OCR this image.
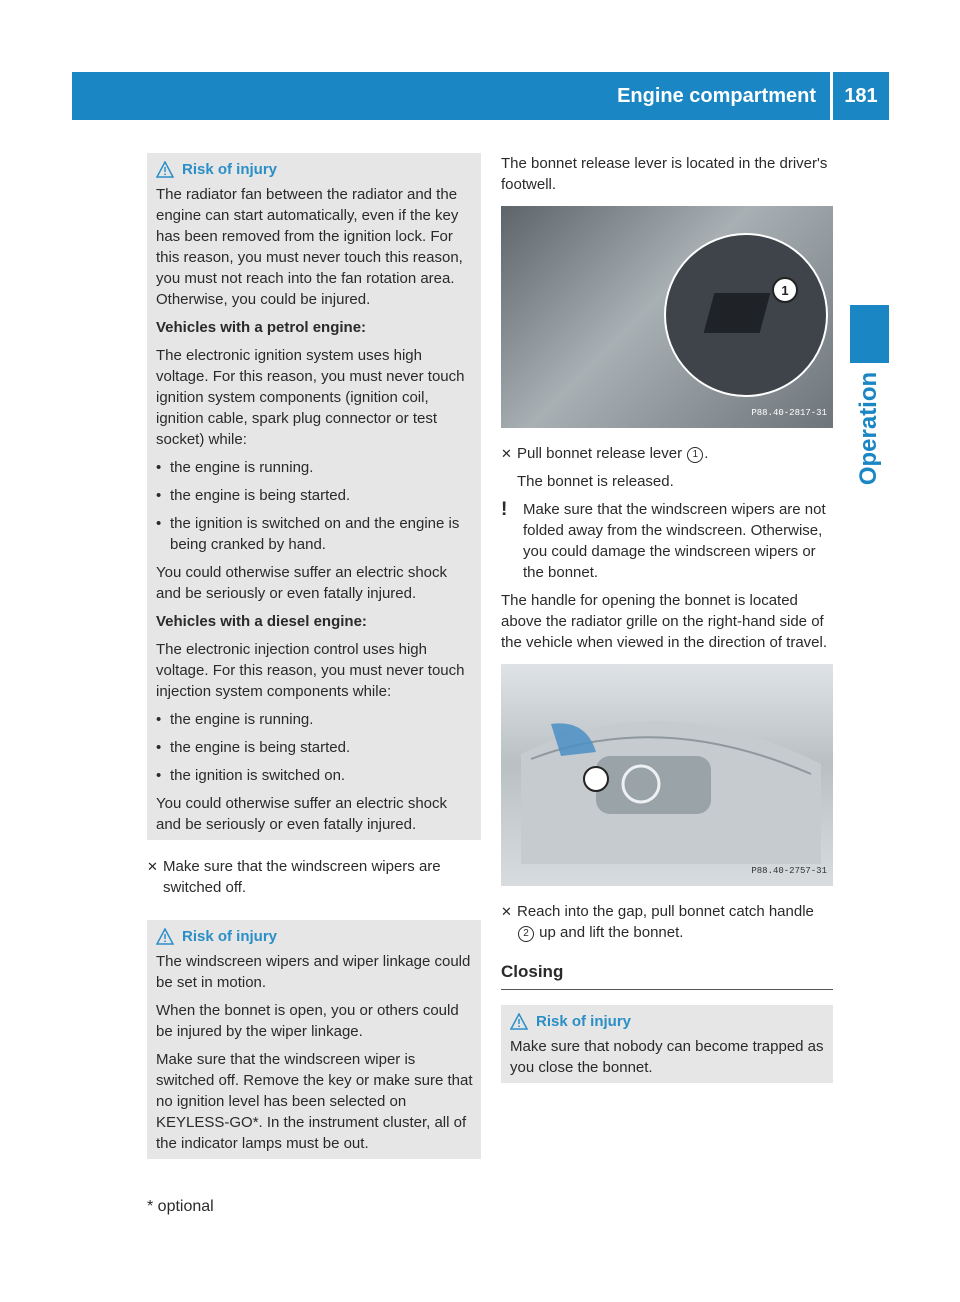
Engine compartment	181
Operation
Risk of injury

The radiator fan between the radiator and the engine can start automatically, even if the key has been removed from the ignition lock. For this reason, you must never touch this reason, you must not reach into the fan rotation area. Otherwise, you could be injured.

Vehicles with a petrol engine:

The electronic ignition system uses high voltage. For this reason, you must never touch ignition system components (ignition coil, ignition cable, spark plug connector or test socket) while:

• the engine is running.
• the engine is being started.
• the ignition is switched on and the engine is being cranked by hand.

You could otherwise suffer an electric shock and be seriously or even fatally injured.

Vehicles with a diesel engine:

The electronic injection control uses high voltage. For this reason, you must never touch injection system components while:

• the engine is running.
• the engine is being started.
• the ignition is switched on.

You could otherwise suffer an electric shock and be seriously or even fatally injured.

✕ Make sure that the windscreen wipers are switched off.
Risk of injury

The windscreen wipers and wiper linkage could be set in motion.

When the bonnet is open, you or others could be injured by the wiper linkage.

Make sure that the windscreen wiper is switched off. Remove the key or make sure that no ignition level has been selected on KEYLESS-GO*. In the instrument cluster, all of the indicator lamps must be out.

The bonnet release lever is located in the driver's footwell.

1
P88.40-2817-31
✕ Pull bonnet release lever 1 .

The bonnet is released.

!	Make sure that the windscreen wipers are not folded away from the windscreen. Otherwise, you could damage the windscreen wipers or the bonnet.

The handle for opening the bonnet is located above the radiator grille on the right-hand side of the vehicle when viewed in the direction of travel.

P88.40-2757-31
✕ Reach into the gap, pull bonnet catch handle 2 up and lift the bonnet.
Closing
Risk of injury

Make sure that nobody can become trapped as you close the bonnet.

* optional
